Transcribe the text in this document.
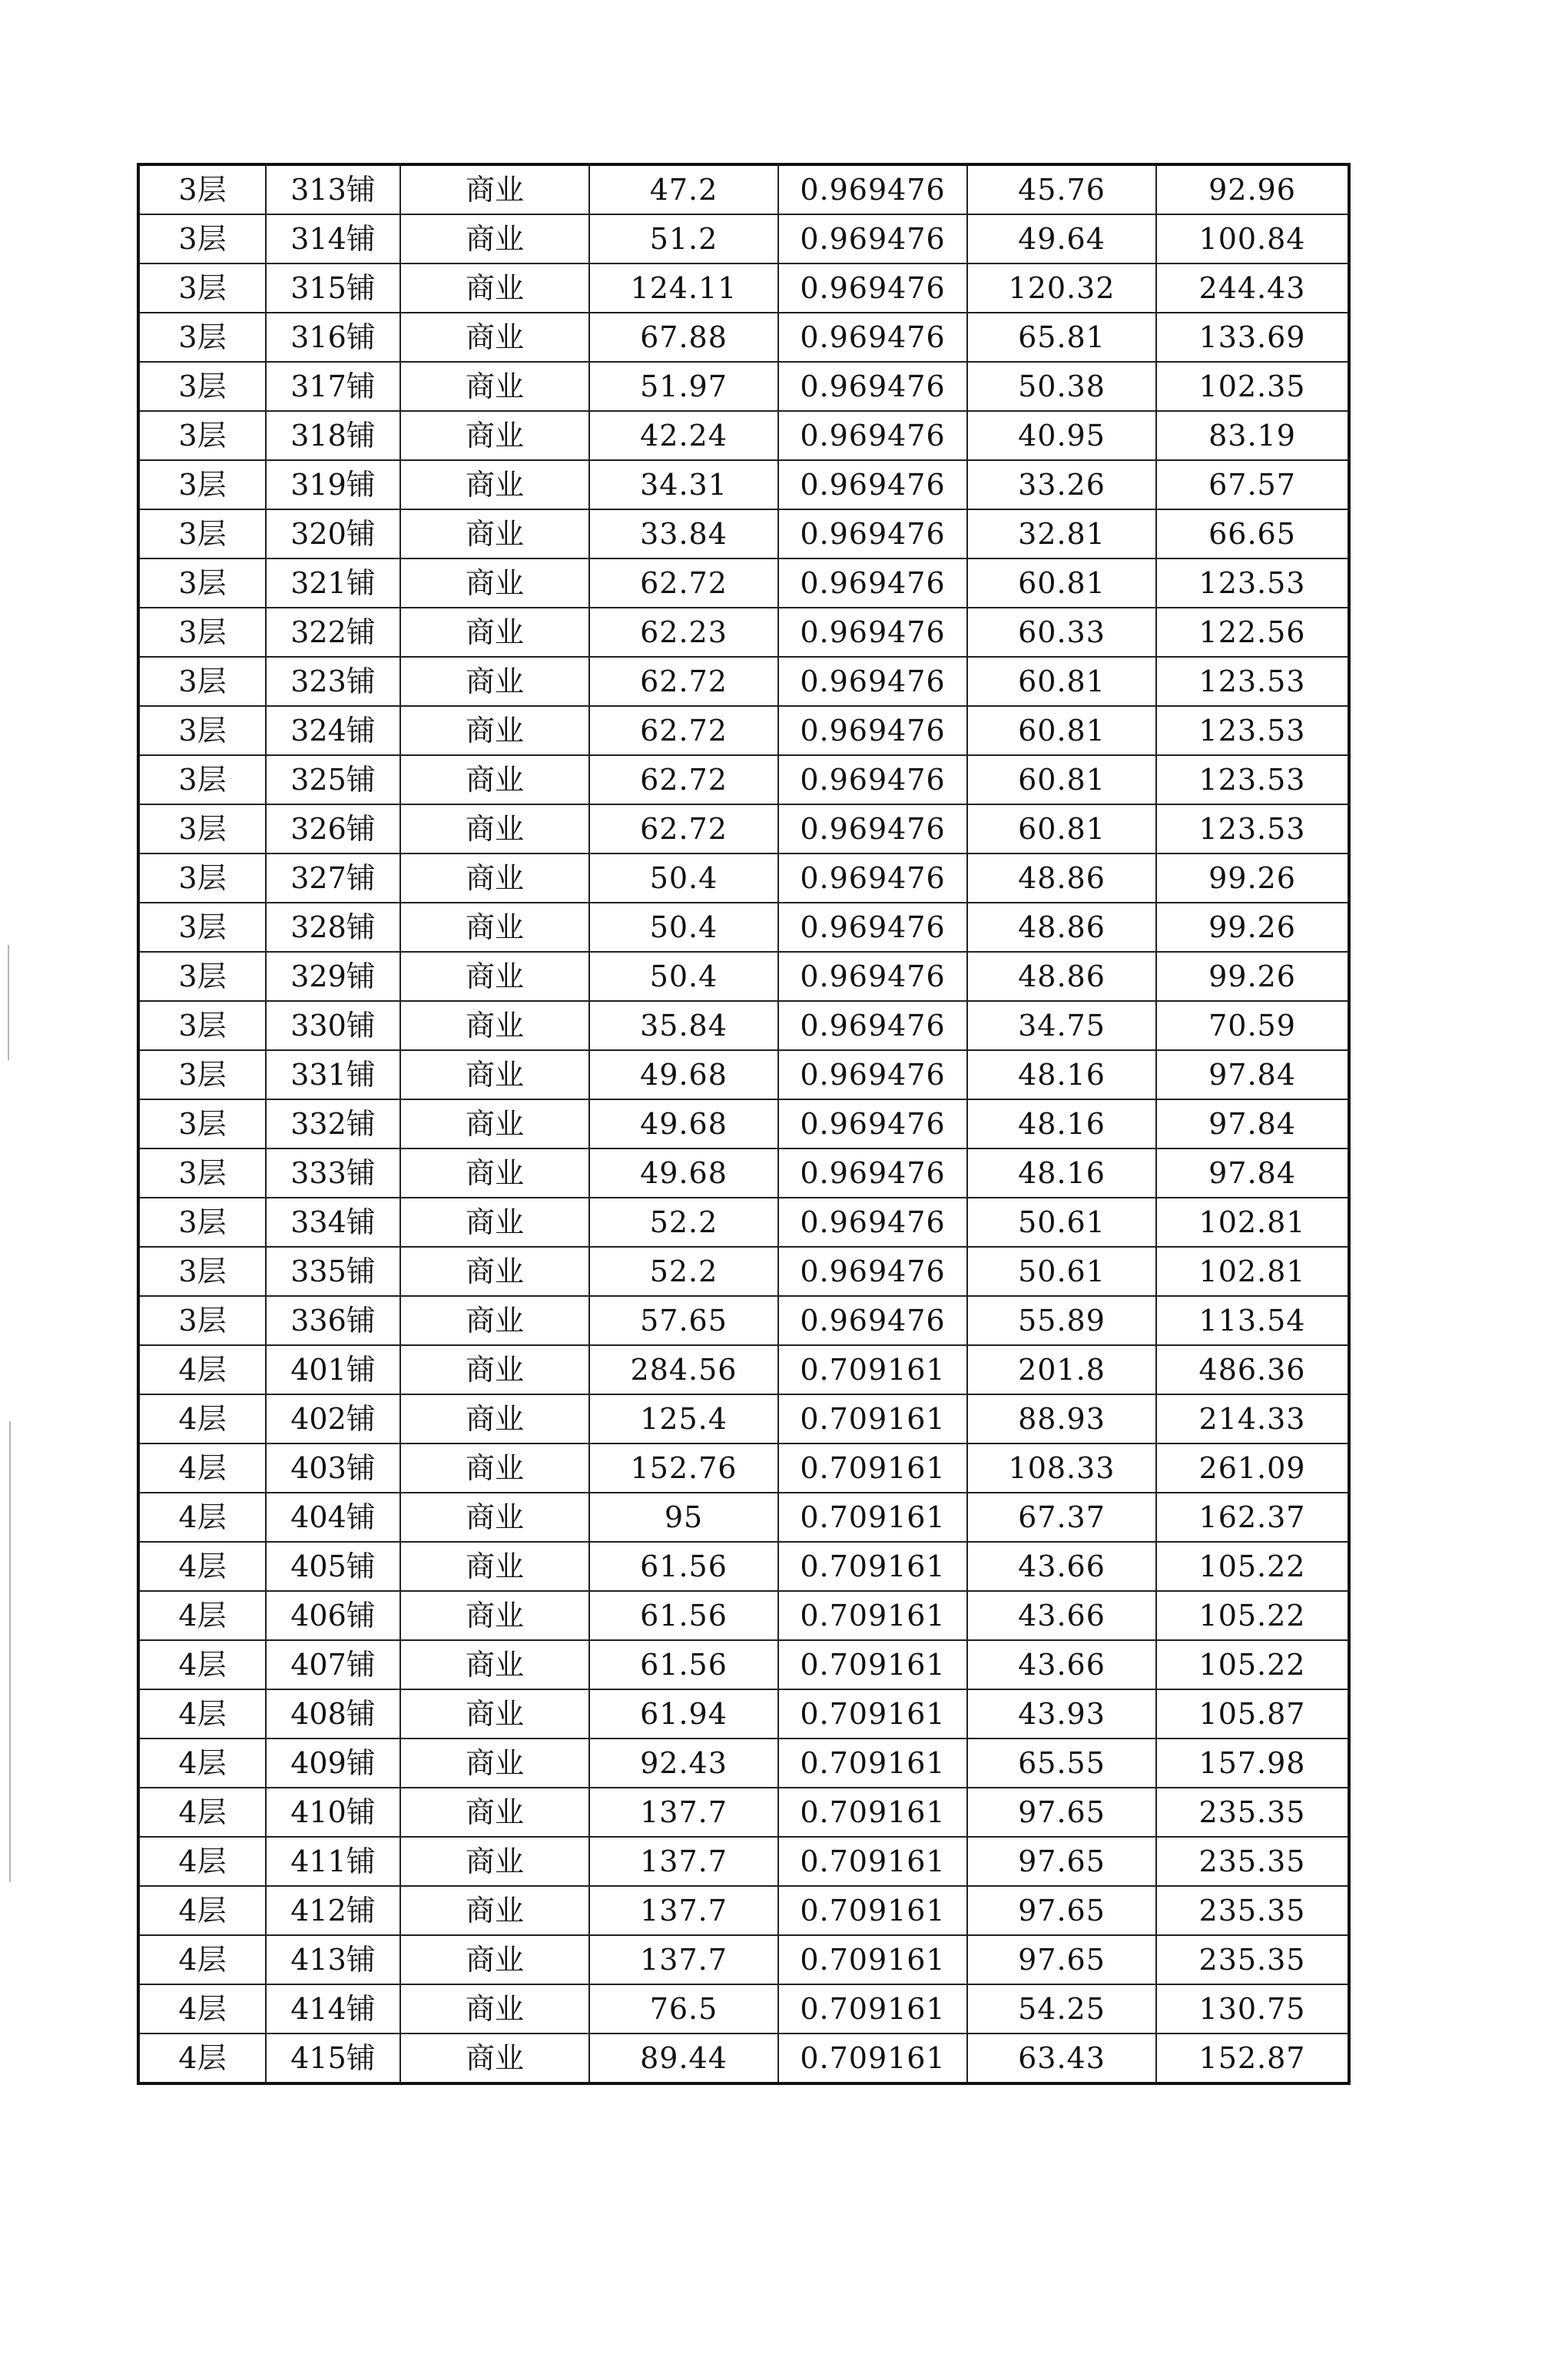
3层	313铺	商业	47.2	0.969476	45.76	92.96
3层	314铺	商业	51.2	0.969476	49.64	100.84
3层	315铺	商业	124.11	0.969476	120.32	244.43
3层	316铺	商业	67.88	0.969476	65.81	133.69
3层	317铺	商业	51.97	0.969476	50.38	102.35
3层	318铺	商业	42.24	0.969476	40.95	83.19
3层	319铺	商业	34.31	0.969476	33.26	67.57
3层	320铺	商业	33.84	0.969476	32.81	66.65
3层	321铺	商业	62.72	0.969476	60.81	123.53
3层	322铺	商业	62.23	0.969476	60.33	122.56
3层	323铺	商业	62.72	0.969476	60.81	123.53
3层	324铺	商业	62.72	0.969476	60.81	123.53
3层	325铺	商业	62.72	0.969476	60.81	123.53
3层	326铺	商业	62.72	0.969476	60.81	123.53
3层	327铺	商业	50.4	0.969476	48.86	99.26
3层	328铺	商业	50.4	0.969476	48.86	99.26
3层	329铺	商业	50.4	0.969476	48.86	99.26
3层	330铺	商业	35.84	0.969476	34.75	70.59
3层	331铺	商业	49.68	0.969476	48.16	97.84
3层	332铺	商业	49.68	0.969476	48.16	97.84
3层	333铺	商业	49.68	0.969476	48.16	97.84
3层	334铺	商业	52.2	0.969476	50.61	102.81
3层	335铺	商业	52.2	0.969476	50.61	102.81
3层	336铺	商业	57.65	0.969476	55.89	113.54
4层	401铺	商业	284.56	0.709161	201.8	486.36
4层	402铺	商业	125.4	0.709161	88.93	214.33
4层	403铺	商业	152.76	0.709161	108.33	261.09
4层	404铺	商业	95	0.709161	67.37	162.37
4层	405铺	商业	61.56	0.709161	43.66	105.22
4层	406铺	商业	61.56	0.709161	43.66	105.22
4层	407铺	商业	61.56	0.709161	43.66	105.22
4层	408铺	商业	61.94	0.709161	43.93	105.87
4层	409铺	商业	92.43	0.709161	65.55	157.98
4层	410铺	商业	137.7	0.709161	97.65	235.35
4层	411铺	商业	137.7	0.709161	97.65	235.35
4层	412铺	商业	137.7	0.709161	97.65	235.35
4层	413铺	商业	137.7	0.709161	97.65	235.35
4层	414铺	商业	76.5	0.709161	54.25	130.75
4层	415铺	商业	89.44	0.709161	63.43	152.87
